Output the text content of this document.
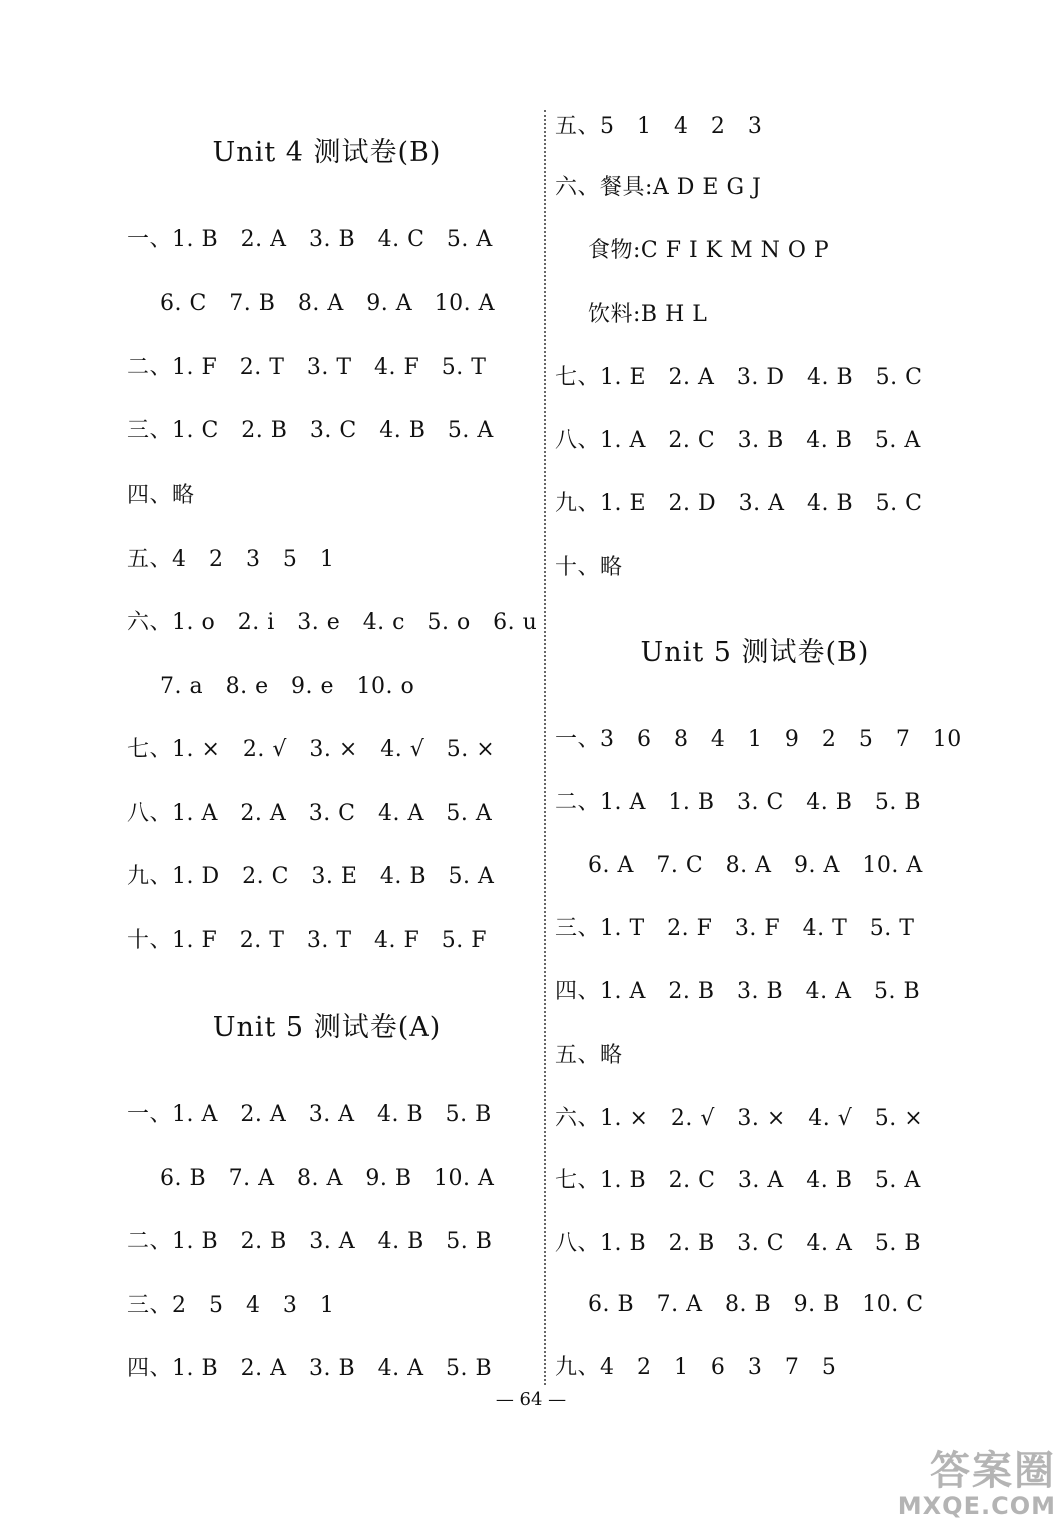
Unit 4 测试卷(B)
一、1. B   2. A   3. B   4. C   5. A
6. C   7. B   8. A   9. A   10. A
二、1. F   2. T   3. T   4. F   5. T
三、1. C   2. B   3. C   4. B   5. A
四、略
五、4   2   3   5   1
六、1. o   2. i   3. e   4. c   5. o   6. u
7. a   8. e   9. e   10. o
七、1. ×   2. √   3. ×   4. √   5. ×
八、1. A   2. A   3. C   4. A   5. A
九、1. D   2. C   3. E   4. B   5. A
十、1. F   2. T   3. T   4. F   5. F
Unit 5 测试卷(A)
一、1. A   2. A   3. A   4. B   5. B
6. B   7. A   8. A   9. B   10. A
二、1. B   2. B   3. A   4. B   5. B
三、2   5   4   3   1
四、1. B   2. A   3. B   4. A   5. B
五、5   1   4   2   3
六、餐具:A D E G J
食物:C F I K M N O P
饮料:B H L
七、1. E   2. A   3. D   4. B   5. C
八、1. A   2. C   3. B   4. B   5. A
九、1. E   2. D   3. A   4. B   5. C
十、略
Unit 5 测试卷(B)
一、3   6   8   4   1   9   2   5   7   10
二、1. A   1. B   3. C   4. B   5. B
6. A   7. C   8. A   9. A   10. A
三、1. T   2. F   3. F   4. T   5. T
四、1. A   2. B   3. B   4. A   5. B
五、略
六、1. ×   2. √   3. ×   4. √   5. ×
七、1. B   2. C   3. A   4. B   5. A
八、1. B   2. B   3. C   4. A   5. B
6. B   7. A   8. B   9. B   10. C
九、4   2   1   6   3   7   5
— 64 —
答案圈
MXQE.COM
